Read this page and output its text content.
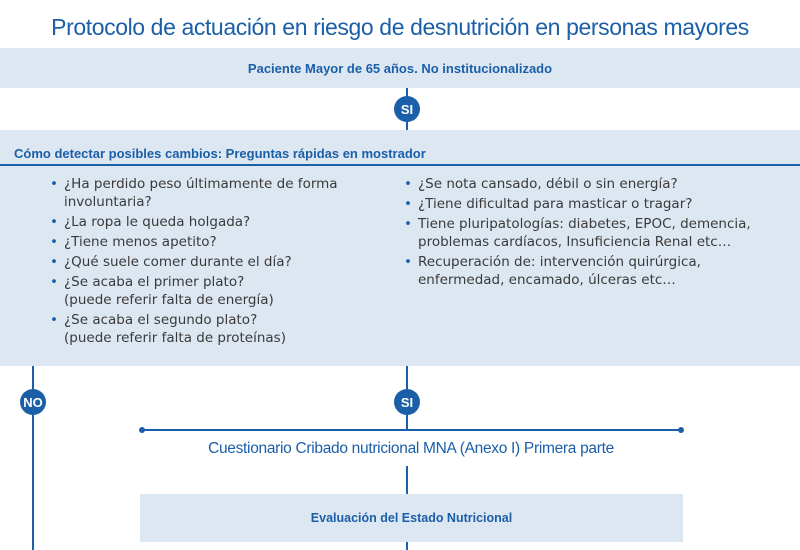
Protocolo de actuación en riesgo de desnutrición en personas mayores
Paciente Mayor de 65 años. No institucionalizado
SI
Cómo detectar posibles cambios: Preguntas rápidas en mostrador
• ¿Ha perdido peso últimamente de forma involuntaria?
• ¿La ropa le queda holgada?
• ¿Tiene menos apetito?
• ¿Qué suele comer durante el día?
• ¿Se acaba el primer plato?
(puede referir falta de energía)
• ¿Se acaba el segundo plato?
(puede referir falta de proteínas)
• ¿Se nota cansado, débil o sin energía?
• ¿Tiene dificultad para masticar o tragar?
• Tiene pluripatologías: diabetes, EPOC, demencia, problemas cardíacos, Insuficiencia Renal etc…
• Recuperación de: intervención quirúrgica, enfermedad, encamado, úlceras etc…
NO	SI
Cuestionario Cribado nutricional MNA (Anexo I) Primera parte
Evaluación del Estado Nutricional
